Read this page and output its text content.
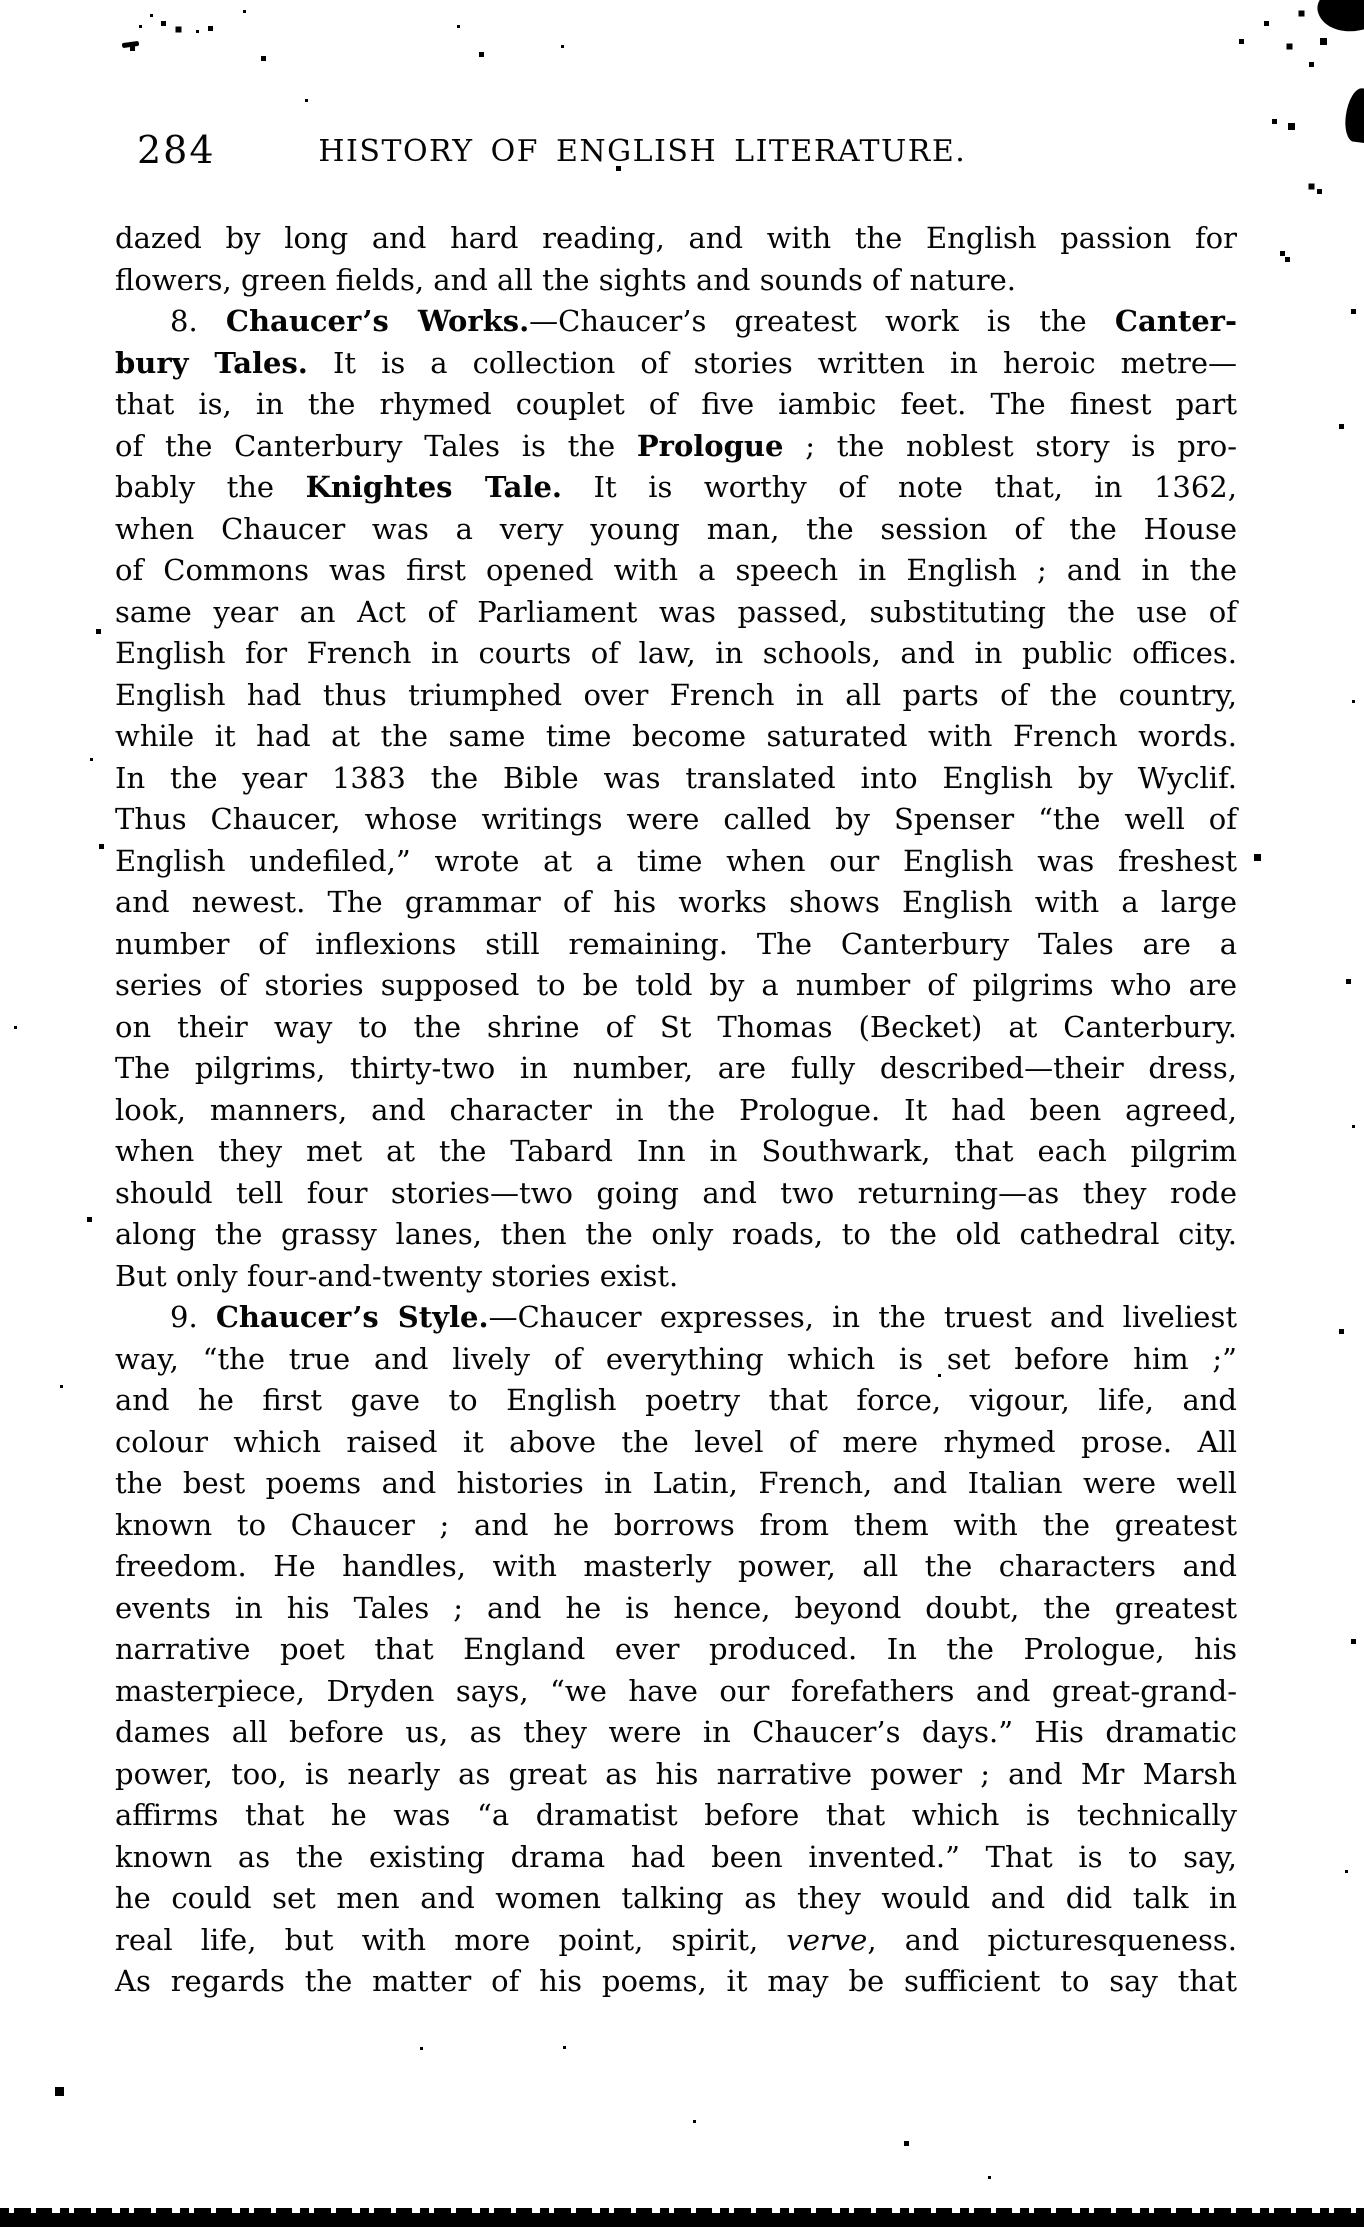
284	HISTORY OF ENGLISH LITERATURE.
dazed by long and hard reading, and with the English passion for
flowers, green fields, and all the sights and sounds of nature.
8. Chaucer’s Works.—Chaucer’s greatest work is the Canter-
bury Tales. It is a collection of stories written in heroic metre—
that is, in the rhymed couplet of five iambic feet. The finest part
of the Canterbury Tales is the Prologue ; the noblest story is pro-
bably the Knightes Tale. It is worthy of note that, in 1362,
when Chaucer was a very young man, the session of the House
of Commons was first opened with a speech in English ; and in the
same year an Act of Parliament was passed, substituting the use of
English for French in courts of law, in schools, and in public offices.
English had thus triumphed over French in all parts of the country,
while it had at the same time become saturated with French words.
In the year 1383 the Bible was translated into English by Wyclif.
Thus Chaucer, whose writings were called by Spenser “the well of
English undefiled,” wrote at a time when our English was freshest
and newest. The grammar of his works shows English with a large
number of inflexions still remaining. The Canterbury Tales are a
series of stories supposed to be told by a number of pilgrims who are
on their way to the shrine of St Thomas (Becket) at Canterbury.
The pilgrims, thirty-two in number, are fully described—their dress,
look, manners, and character in the Prologue. It had been agreed,
when they met at the Tabard Inn in Southwark, that each pilgrim
should tell four stories—two going and two returning—as they rode
along the grassy lanes, then the only roads, to the old cathedral city.
But only four-and-twenty stories exist.
9. Chaucer’s Style.—Chaucer expresses, in the truest and liveliest
way, “the true and lively of everything which is set before him ;”
and he first gave to English poetry that force, vigour, life, and
colour which raised it above the level of mere rhymed prose. All
the best poems and histories in Latin, French, and Italian were well
known to Chaucer ; and he borrows from them with the greatest
freedom. He handles, with masterly power, all the characters and
events in his Tales ; and he is hence, beyond doubt, the greatest
narrative poet that England ever produced. In the Prologue, his
masterpiece, Dryden says, “we have our forefathers and great-grand-
dames all before us, as they were in Chaucer’s days.” His dramatic
power, too, is nearly as great as his narrative power ; and Mr Marsh
affirms that he was “a dramatist before that which is technically
known as the existing drama had been invented.” That is to say,
he could set men and women talking as they would and did talk in
real life, but with more point, spirit, verve, and picturesqueness.
As regards the matter of his poems, it may be sufficient to say that
